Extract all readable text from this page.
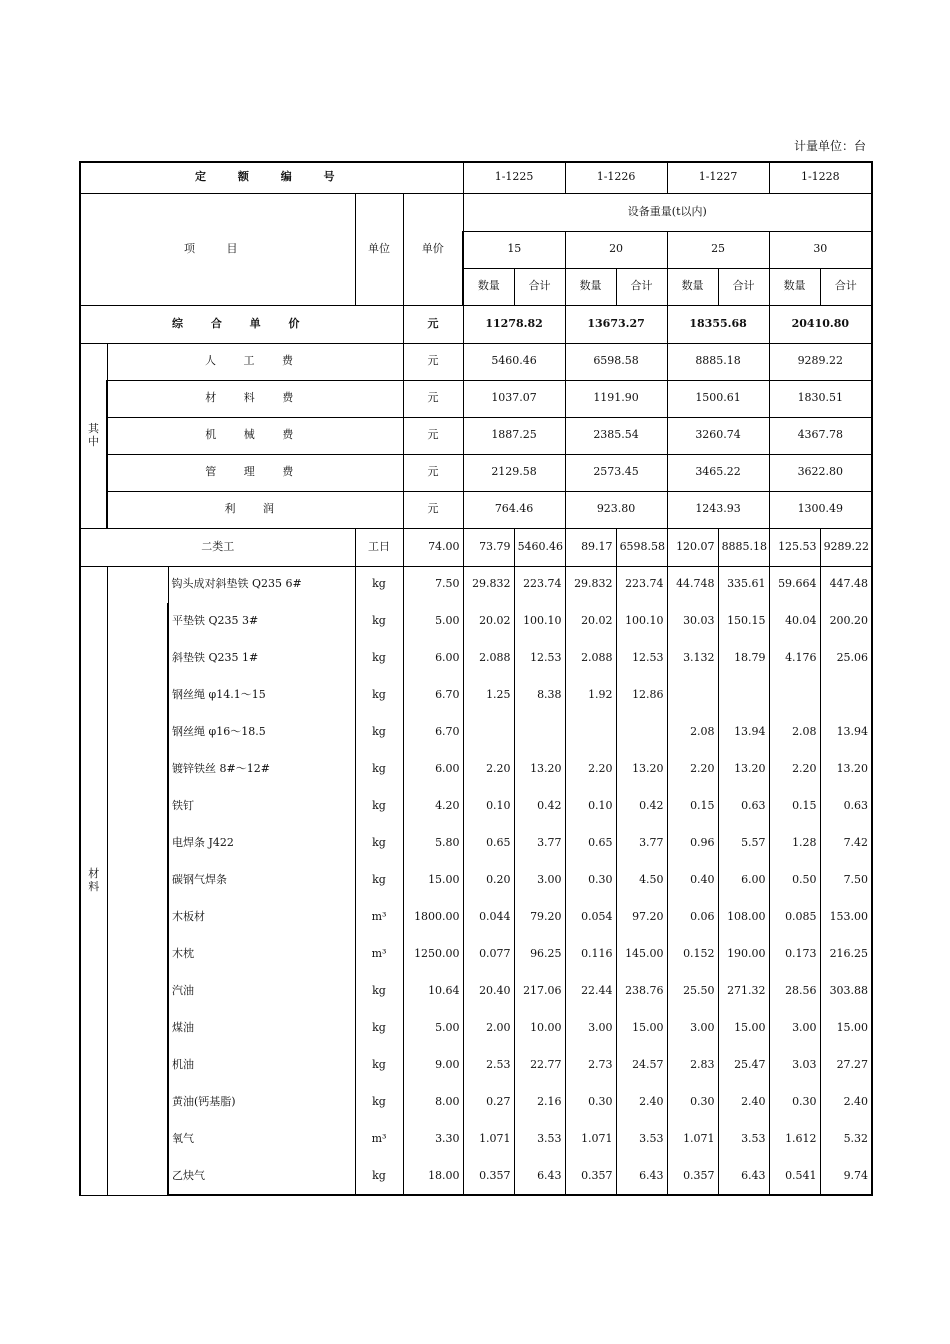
计量单位：台
定 额 编 号					1-1225		1-1226		1-1227		1-1228	
项 目			单位	单价	设备重量(t以内)							
					15		20		25		30	
					数量	合计	数量	合计	数量	合计	数量	合计
综 合 单 价				元	11278.82		13673.27		18355.68		20410.80	
其中	人 工 费			元	5460.46		6598.58		8885.18		9289.22	
	材 料 费			元	1037.07		1191.90		1500.61		1830.51	
	机 械 费			元	1887.25		2385.54		3260.74		4367.78	
	管 理 费			元	2129.58		2573.45		3465.22		3622.80	
	利 润			元	764.46		923.80		1243.93		1300.49	
二类工			工日	74.00	73.79	5460.46	89.17	6598.58	120.07	8885.18	125.53	9289.22
材料		钩头成对斜垫铁 Q235 6#	kg	7.50	29.832	223.74	29.832	223.74	44.748	335.61	59.664	447.48
		平垫铁 Q235 3#	kg	5.00	20.02	100.10	20.02	100.10	30.03	150.15	40.04	200.20
		斜垫铁 Q235 1#	kg	6.00	2.088	12.53	2.088	12.53	3.132	18.79	4.176	25.06
		钢丝绳 φ14.1～15	kg	6.70	1.25	8.38	1.92	12.86				
		钢丝绳 φ16～18.5	kg	6.70					2.08	13.94	2.08	13.94
		镀锌铁丝 8#～12#	kg	6.00	2.20	13.20	2.20	13.20	2.20	13.20	2.20	13.20
		铁钉	kg	4.20	0.10	0.42	0.10	0.42	0.15	0.63	0.15	0.63
		电焊条 J422	kg	5.80	0.65	3.77	0.65	3.77	0.96	5.57	1.28	7.42
		碳钢气焊条	kg	15.00	0.20	3.00	0.30	4.50	0.40	6.00	0.50	7.50
		木板材	m³	1800.00	0.044	79.20	0.054	97.20	0.06	108.00	0.085	153.00
		木枕	m³	1250.00	0.077	96.25	0.116	145.00	0.152	190.00	0.173	216.25
		汽油	kg	10.64	20.40	217.06	22.44	238.76	25.50	271.32	28.56	303.88
		煤油	kg	5.00	2.00	10.00	3.00	15.00	3.00	15.00	3.00	15.00
		机油	kg	9.00	2.53	22.77	2.73	24.57	2.83	25.47	3.03	27.27
		黄油(钙基脂)	kg	8.00	0.27	2.16	0.30	2.40	0.30	2.40	0.30	2.40
		氧气	m³	3.30	1.071	3.53	1.071	3.53	1.071	3.53	1.612	5.32
		乙炔气	kg	18.00	0.357	6.43	0.357	6.43	0.357	6.43	0.541	9.74
